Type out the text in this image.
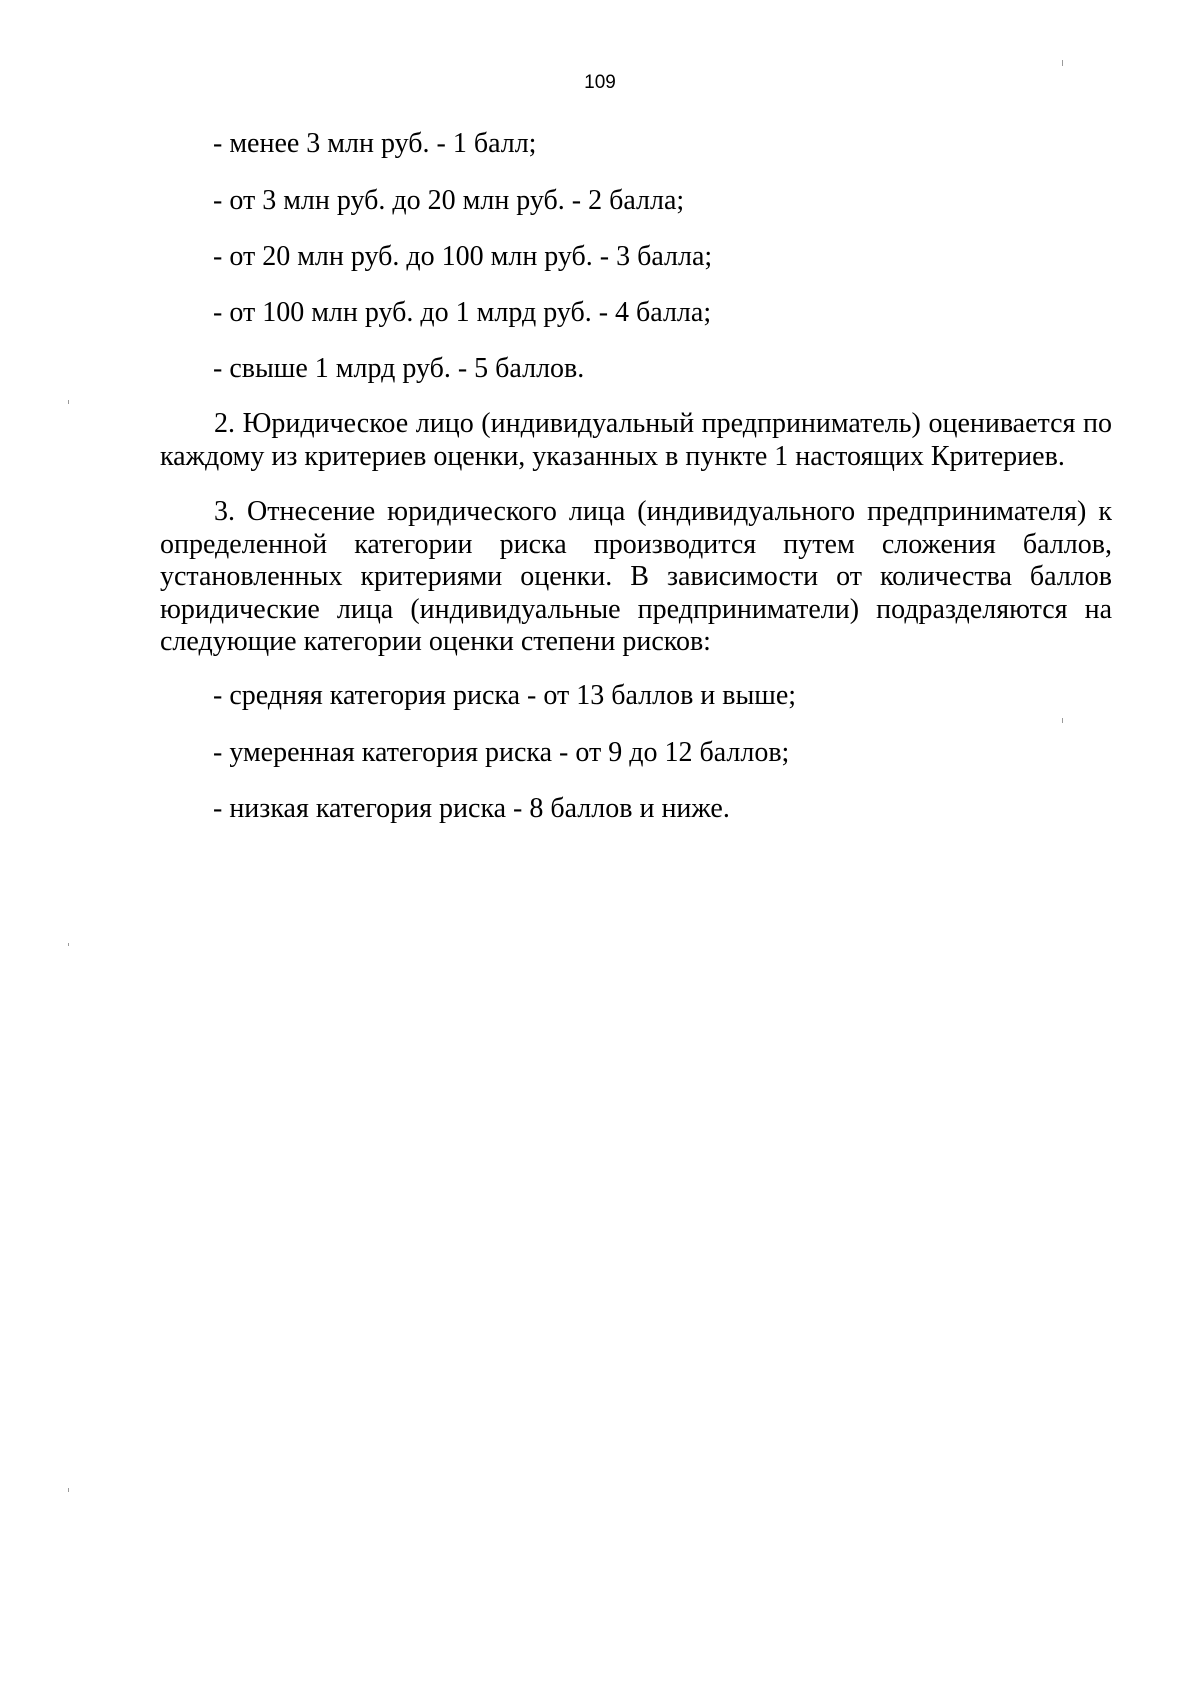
109
- менее 3 млн руб. - 1 балл;
- от 3 млн руб. до 20 млн руб. - 2 балла;
- от 20 млн руб. до 100 млн руб. - 3 балла;
- от 100 млн руб. до 1 млрд руб. - 4 балла;
- свыше 1 млрд руб. - 5 баллов.
2. Юридическое лицо (индивидуальный предприниматель) оценивается по каждому из критериев оценки, указанных в пункте 1 настоящих Критериев.
3. Отнесение юридического лица (индивидуального предпринимателя) к определенной категории риска производится путем сложения баллов, установленных критериями оценки. В зависимости от количества баллов юридические лица (индивидуальные предприниматели) подразделяются на следующие категории оценки степени рисков:
- средняя категория риска - от 13 баллов и выше;
- умеренная категория риска - от 9 до 12 баллов;
- низкая категория риска - 8 баллов и ниже.
